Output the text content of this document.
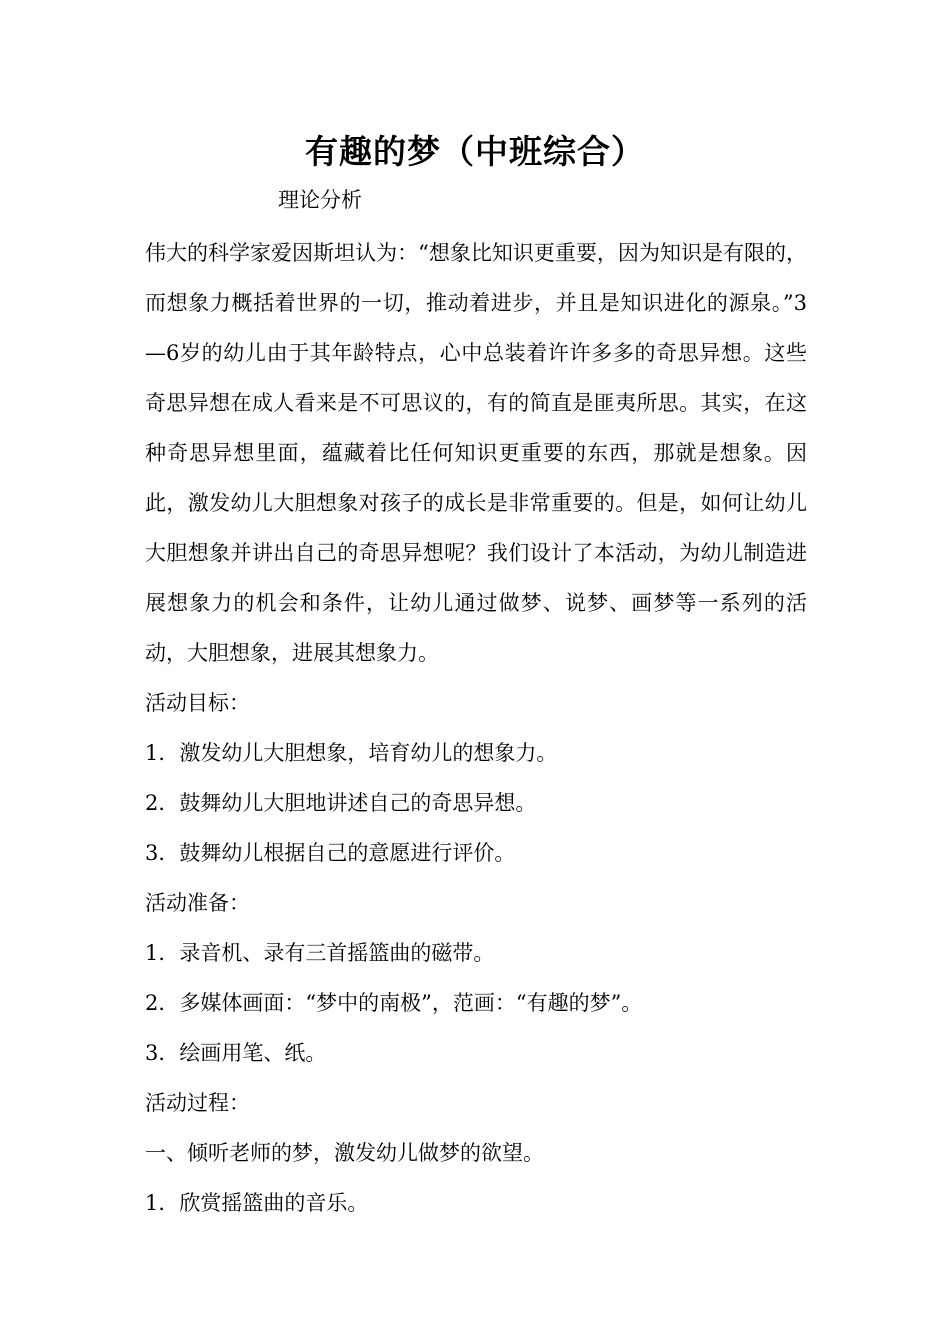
有趣的梦（中班综合）
理论分析

伟大的科学家爱因斯坦认为：“想象比知识更重要，因为知识是有限的，而想象力概括着世界的一切，推动着进步，并且是知识进化的源泉。”3—6岁的幼儿由于其年龄特点，心中总装着许许多多的奇思异想。这些奇思异想在成人看来是不可思议的，有的简直是匪夷所思。其实，在这种奇思异想里面，蕴藏着比任何知识更重要的东西，那就是想象。因此，激发幼儿大胆想象对孩子的成长是非常重要的。但是，如何让幼儿大胆想象并讲出自己的奇思异想呢？我们设计了本活动，为幼儿制造进展想象力的机会和条件，让幼儿通过做梦、说梦、画梦等一系列的活动，大胆想象，进展其想象力。

活动目标：

1．激发幼儿大胆想象，培育幼儿的想象力。

2．鼓舞幼儿大胆地讲述自己的奇思异想。

3．鼓舞幼儿根据自己的意愿进行评价。

活动准备：

1．录音机、录有三首摇篮曲的磁带。

2．多媒体画面：“梦中的南极”，范画：“有趣的梦”。

3．绘画用笔、纸。

活动过程：

一、倾听老师的梦，激发幼儿做梦的欲望。

1．欣赏摇篮曲的音乐。
